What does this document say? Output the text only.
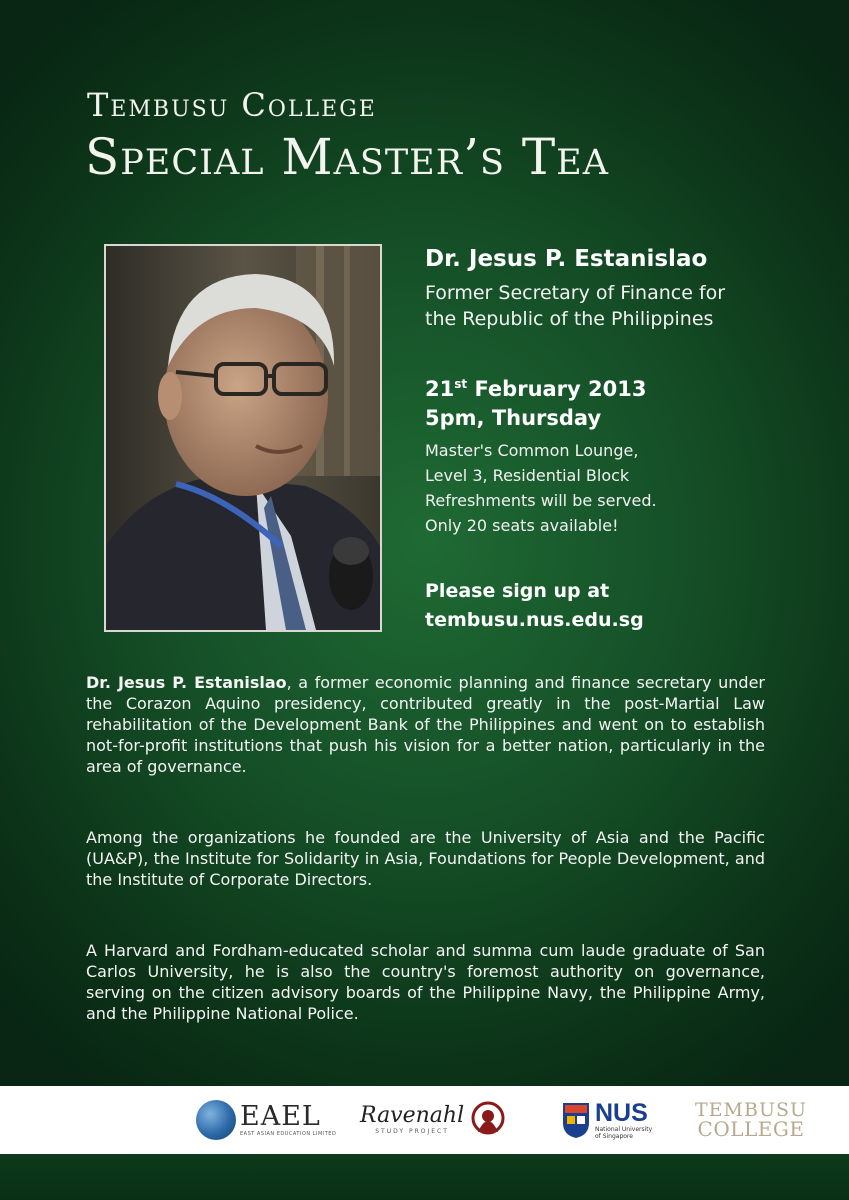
Tembusu College
Special Master’s Tea
Dr. Jesus P. Estanislao
Former Secretary of Finance for
the Republic of the Philippines
21st February 2013
5pm, Thursday
Master's Common Lounge,
Level 3, Residential Block
Refreshments will be served.
Only 20 seats available!
Please sign up at
tembusu.nus.edu.sg
Dr. Jesus P. Estanislao, a former economic planning and finance secretary under the Corazon Aquino presidency, contributed greatly in the post-Martial Law rehabilitation of the Development Bank of the Philippines and went on to establish not-for-profit institutions that push his vision for a better nation, particularly in the area of governance.
Among the organizations he founded are the University of Asia and the Pacific (UA&P), the Institute for Solidarity in Asia, Foundations for People Development, and the Institute of Corporate Directors.
A Harvard and Fordham-educated scholar and summa cum laude graduate of San Carlos University, he is also the country's foremost authority on governance, serving on the citizen advisory boards of the Philippine Navy, the Philippine Army, and the Philippine National Police.
EAEL
EAST ASIAN EDUCATION LIMITED
Ravenahl
STUDY PROJECT
NUS
National University
of Singapore
TEMBUSU
COLLEGE
